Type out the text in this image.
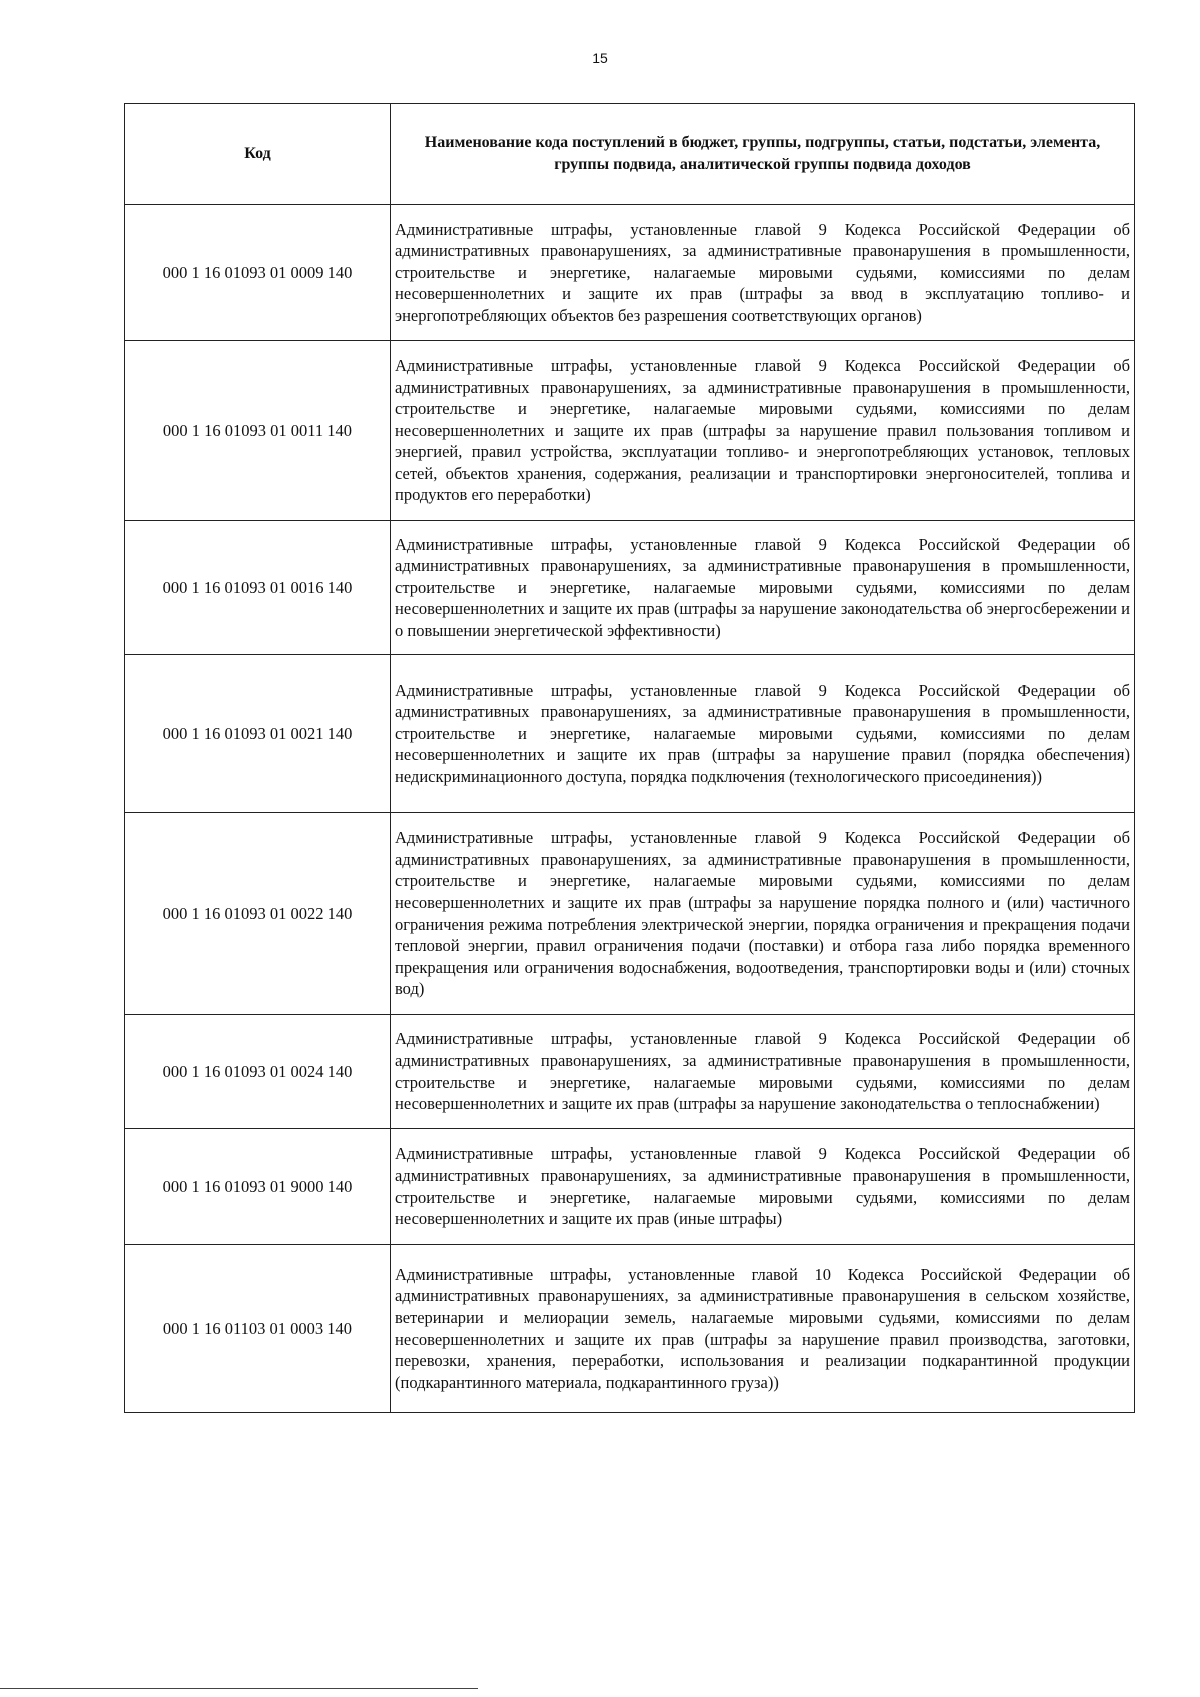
15
Код	Наименование кода поступлений в бюджет, группы, подгруппы, статьи, подстатьи, элемента, группы подвида, аналитической группы подвида доходов
000 1 16 01093 01 0009 140	Административные штрафы, установленные главой 9 Кодекса Российской Федерации об административных правонарушениях, за административные правонарушения в промышленности, строительстве и энергетике, налагаемые мировыми судьями, комиссиями по делам несовершеннолетних и защите их прав (штрафы за ввод в эксплуатацию топливо- и энергопотребляющих объектов без разрешения соответствующих органов)
000 1 16 01093 01 0011 140	Административные штрафы, установленные главой 9 Кодекса Российской Федерации об административных правонарушениях, за административные правонарушения в промышленности, строительстве и энергетике, налагаемые мировыми судьями, комиссиями по делам несовершеннолетних и защите их прав (штрафы за нарушение правил пользования топливом и энергией, правил устройства, эксплуатации топливо- и энергопотребляющих установок, тепловых сетей, объектов хранения, содержания, реализации и транспортировки энергоносителей, топлива и продуктов его переработки)
000 1 16 01093 01 0016 140	Административные штрафы, установленные главой 9 Кодекса Российской Федерации об административных правонарушениях, за административные правонарушения в промышленности, строительстве и энергетике, налагаемые мировыми судьями, комиссиями по делам несовершеннолетних и защите их прав (штрафы за нарушение законодательства об энергосбережении и о повышении энергетической эффективности)
000 1 16 01093 01 0021 140	Административные штрафы, установленные главой 9 Кодекса Российской Федерации об административных правонарушениях, за административные правонарушения в промышленности, строительстве и энергетике, налагаемые мировыми судьями, комиссиями по делам несовершеннолетних и защите их прав (штрафы за нарушение правил (порядка обеспечения) недискриминационного доступа, порядка подключения (технологического присоединения))
000 1 16 01093 01 0022 140	Административные штрафы, установленные главой 9 Кодекса Российской Федерации об административных правонарушениях, за административные правонарушения в промышленности, строительстве и энергетике, налагаемые мировыми судьями, комиссиями по делам несовершеннолетних и защите их прав (штрафы за нарушение порядка полного и (или) частичного ограничения режима потребления электрической энергии, порядка ограничения и прекращения подачи тепловой энергии, правил ограничения подачи (поставки) и отбора газа либо порядка временного прекращения или ограничения водоснабжения, водоотведения, транспортировки воды и (или) сточных вод)
000 1 16 01093 01 0024 140	Административные штрафы, установленные главой 9 Кодекса Российской Федерации об административных правонарушениях, за административные правонарушения в промышленности, строительстве и энергетике, налагаемые мировыми судьями, комиссиями по делам несовершеннолетних и защите их прав (штрафы за нарушение законодательства о теплоснабжении)
000 1 16 01093 01 9000 140	Административные штрафы, установленные главой 9 Кодекса Российской Федерации об административных правонарушениях, за административные правонарушения в промышленности, строительстве и энергетике, налагаемые мировыми судьями, комиссиями по делам несовершеннолетних и защите их прав (иные штрафы)
000 1 16 01103 01 0003 140	Административные штрафы, установленные главой 10 Кодекса Российской Федерации об административных правонарушениях, за административные правонарушения в сельском хозяйстве, ветеринарии и мелиорации земель, налагаемые мировыми судьями, комиссиями по делам несовершеннолетних и защите их прав (штрафы за нарушение правил производства, заготовки, перевозки, хранения, переработки, использования и реализации подкарантинной продукции (подкарантинного материала, подкарантинного груза))
